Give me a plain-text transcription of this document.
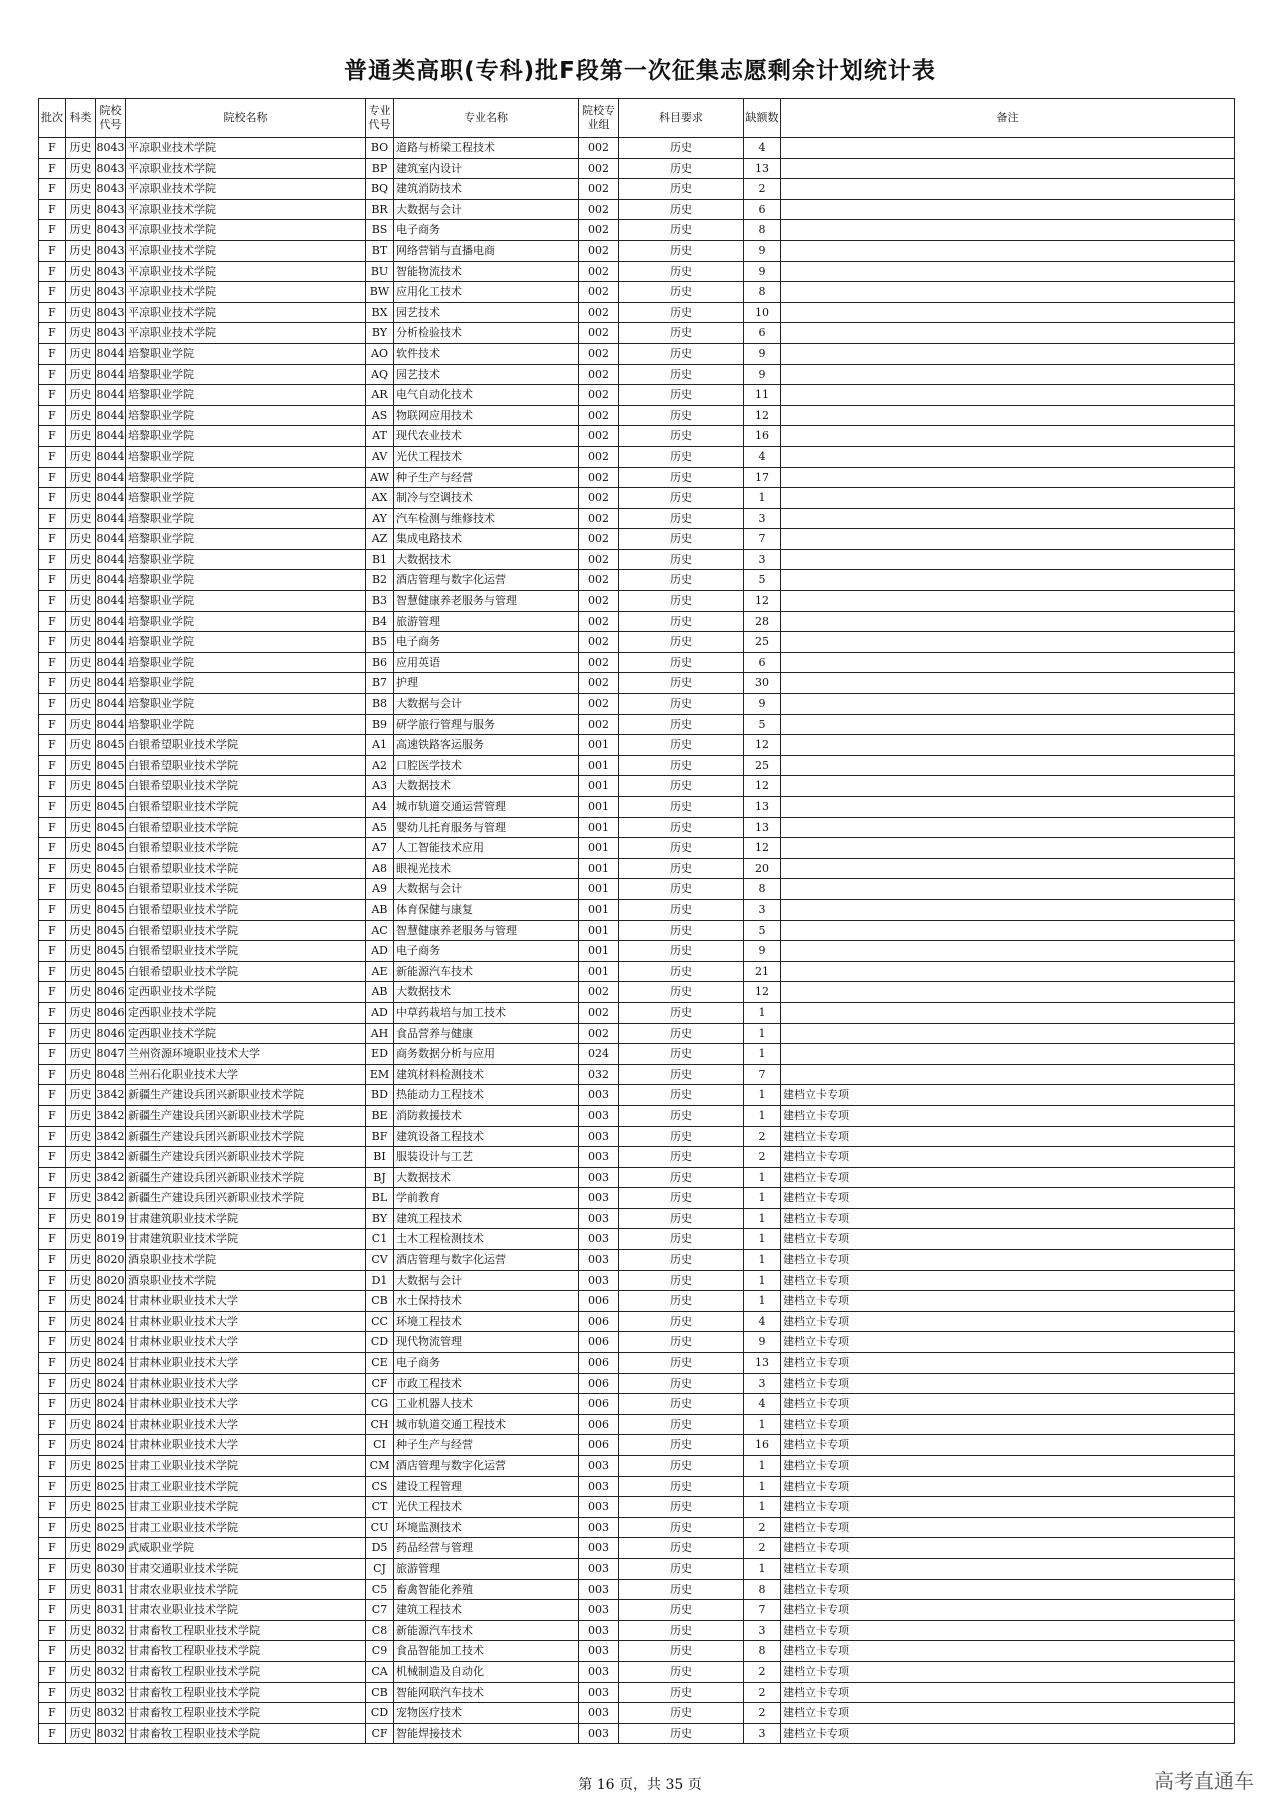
普通类高职(专科)批F段第一次征集志愿剩余计划统计表
批次	科类	院校代号	院校名称	专业代号	专业名称	院校专业组	科目要求	缺额数	备注
F	历史	8043	平凉职业技术学院	BO	道路与桥梁工程技术	002	历史	4	
F	历史	8043	平凉职业技术学院	BP	建筑室内设计	002	历史	13	
F	历史	8043	平凉职业技术学院	BQ	建筑消防技术	002	历史	2	
F	历史	8043	平凉职业技术学院	BR	大数据与会计	002	历史	6	
F	历史	8043	平凉职业技术学院	BS	电子商务	002	历史	8	
F	历史	8043	平凉职业技术学院	BT	网络营销与直播电商	002	历史	9	
F	历史	8043	平凉职业技术学院	BU	智能物流技术	002	历史	9	
F	历史	8043	平凉职业技术学院	BW	应用化工技术	002	历史	8	
F	历史	8043	平凉职业技术学院	BX	园艺技术	002	历史	10	
F	历史	8043	平凉职业技术学院	BY	分析检验技术	002	历史	6	
F	历史	8044	培黎职业学院	AO	软件技术	002	历史	9	
F	历史	8044	培黎职业学院	AQ	园艺技术	002	历史	9	
F	历史	8044	培黎职业学院	AR	电气自动化技术	002	历史	11	
F	历史	8044	培黎职业学院	AS	物联网应用技术	002	历史	12	
F	历史	8044	培黎职业学院	AT	现代农业技术	002	历史	16	
F	历史	8044	培黎职业学院	AV	光伏工程技术	002	历史	4	
F	历史	8044	培黎职业学院	AW	种子生产与经营	002	历史	17	
F	历史	8044	培黎职业学院	AX	制冷与空调技术	002	历史	1	
F	历史	8044	培黎职业学院	AY	汽车检测与维修技术	002	历史	3	
F	历史	8044	培黎职业学院	AZ	集成电路技术	002	历史	7	
F	历史	8044	培黎职业学院	B1	大数据技术	002	历史	3	
F	历史	8044	培黎职业学院	B2	酒店管理与数字化运营	002	历史	5	
F	历史	8044	培黎职业学院	B3	智慧健康养老服务与管理	002	历史	12	
F	历史	8044	培黎职业学院	B4	旅游管理	002	历史	28	
F	历史	8044	培黎职业学院	B5	电子商务	002	历史	25	
F	历史	8044	培黎职业学院	B6	应用英语	002	历史	6	
F	历史	8044	培黎职业学院	B7	护理	002	历史	30	
F	历史	8044	培黎职业学院	B8	大数据与会计	002	历史	9	
F	历史	8044	培黎职业学院	B9	研学旅行管理与服务	002	历史	5	
F	历史	8045	白银希望职业技术学院	A1	高速铁路客运服务	001	历史	12	
F	历史	8045	白银希望职业技术学院	A2	口腔医学技术	001	历史	25	
F	历史	8045	白银希望职业技术学院	A3	大数据技术	001	历史	12	
F	历史	8045	白银希望职业技术学院	A4	城市轨道交通运营管理	001	历史	13	
F	历史	8045	白银希望职业技术学院	A5	婴幼儿托育服务与管理	001	历史	13	
F	历史	8045	白银希望职业技术学院	A7	人工智能技术应用	001	历史	12	
F	历史	8045	白银希望职业技术学院	A8	眼视光技术	001	历史	20	
F	历史	8045	白银希望职业技术学院	A9	大数据与会计	001	历史	8	
F	历史	8045	白银希望职业技术学院	AB	体育保健与康复	001	历史	3	
F	历史	8045	白银希望职业技术学院	AC	智慧健康养老服务与管理	001	历史	5	
F	历史	8045	白银希望职业技术学院	AD	电子商务	001	历史	9	
F	历史	8045	白银希望职业技术学院	AE	新能源汽车技术	001	历史	21	
F	历史	8046	定西职业技术学院	AB	大数据技术	002	历史	12	
F	历史	8046	定西职业技术学院	AD	中草药栽培与加工技术	002	历史	1	
F	历史	8046	定西职业技术学院	AH	食品营养与健康	002	历史	1	
F	历史	8047	兰州资源环境职业技术大学	ED	商务数据分析与应用	024	历史	1	
F	历史	8048	兰州石化职业技术大学	EM	建筑材料检测技术	032	历史	7	
F	历史	3842	新疆生产建设兵团兴新职业技术学院	BD	热能动力工程技术	003	历史	1	建档立卡专项
F	历史	3842	新疆生产建设兵团兴新职业技术学院	BE	消防救援技术	003	历史	1	建档立卡专项
F	历史	3842	新疆生产建设兵团兴新职业技术学院	BF	建筑设备工程技术	003	历史	2	建档立卡专项
F	历史	3842	新疆生产建设兵团兴新职业技术学院	BI	服装设计与工艺	003	历史	2	建档立卡专项
F	历史	3842	新疆生产建设兵团兴新职业技术学院	BJ	大数据技术	003	历史	1	建档立卡专项
F	历史	3842	新疆生产建设兵团兴新职业技术学院	BL	学前教育	003	历史	1	建档立卡专项
F	历史	8019	甘肃建筑职业技术学院	BY	建筑工程技术	003	历史	1	建档立卡专项
F	历史	8019	甘肃建筑职业技术学院	C1	土木工程检测技术	003	历史	1	建档立卡专项
F	历史	8020	酒泉职业技术学院	CV	酒店管理与数字化运营	003	历史	1	建档立卡专项
F	历史	8020	酒泉职业技术学院	D1	大数据与会计	003	历史	1	建档立卡专项
F	历史	8024	甘肃林业职业技术大学	CB	水土保持技术	006	历史	1	建档立卡专项
F	历史	8024	甘肃林业职业技术大学	CC	环境工程技术	006	历史	4	建档立卡专项
F	历史	8024	甘肃林业职业技术大学	CD	现代物流管理	006	历史	9	建档立卡专项
F	历史	8024	甘肃林业职业技术大学	CE	电子商务	006	历史	13	建档立卡专项
F	历史	8024	甘肃林业职业技术大学	CF	市政工程技术	006	历史	3	建档立卡专项
F	历史	8024	甘肃林业职业技术大学	CG	工业机器人技术	006	历史	4	建档立卡专项
F	历史	8024	甘肃林业职业技术大学	CH	城市轨道交通工程技术	006	历史	1	建档立卡专项
F	历史	8024	甘肃林业职业技术大学	CI	种子生产与经营	006	历史	16	建档立卡专项
F	历史	8025	甘肃工业职业技术学院	CM	酒店管理与数字化运营	003	历史	1	建档立卡专项
F	历史	8025	甘肃工业职业技术学院	CS	建设工程管理	003	历史	1	建档立卡专项
F	历史	8025	甘肃工业职业技术学院	CT	光伏工程技术	003	历史	1	建档立卡专项
F	历史	8025	甘肃工业职业技术学院	CU	环境监测技术	003	历史	2	建档立卡专项
F	历史	8029	武威职业学院	D5	药品经营与管理	003	历史	2	建档立卡专项
F	历史	8030	甘肃交通职业技术学院	CJ	旅游管理	003	历史	1	建档立卡专项
F	历史	8031	甘肃农业职业技术学院	C5	畜禽智能化养殖	003	历史	8	建档立卡专项
F	历史	8031	甘肃农业职业技术学院	C7	建筑工程技术	003	历史	7	建档立卡专项
F	历史	8032	甘肃畜牧工程职业技术学院	C8	新能源汽车技术	003	历史	3	建档立卡专项
F	历史	8032	甘肃畜牧工程职业技术学院	C9	食品智能加工技术	003	历史	8	建档立卡专项
F	历史	8032	甘肃畜牧工程职业技术学院	CA	机械制造及自动化	003	历史	2	建档立卡专项
F	历史	8032	甘肃畜牧工程职业技术学院	CB	智能网联汽车技术	003	历史	2	建档立卡专项
F	历史	8032	甘肃畜牧工程职业技术学院	CD	宠物医疗技术	003	历史	2	建档立卡专项
F	历史	8032	甘肃畜牧工程职业技术学院	CF	智能焊接技术	003	历史	3	建档立卡专项
第 16 页，共 35 页	高考直通车
